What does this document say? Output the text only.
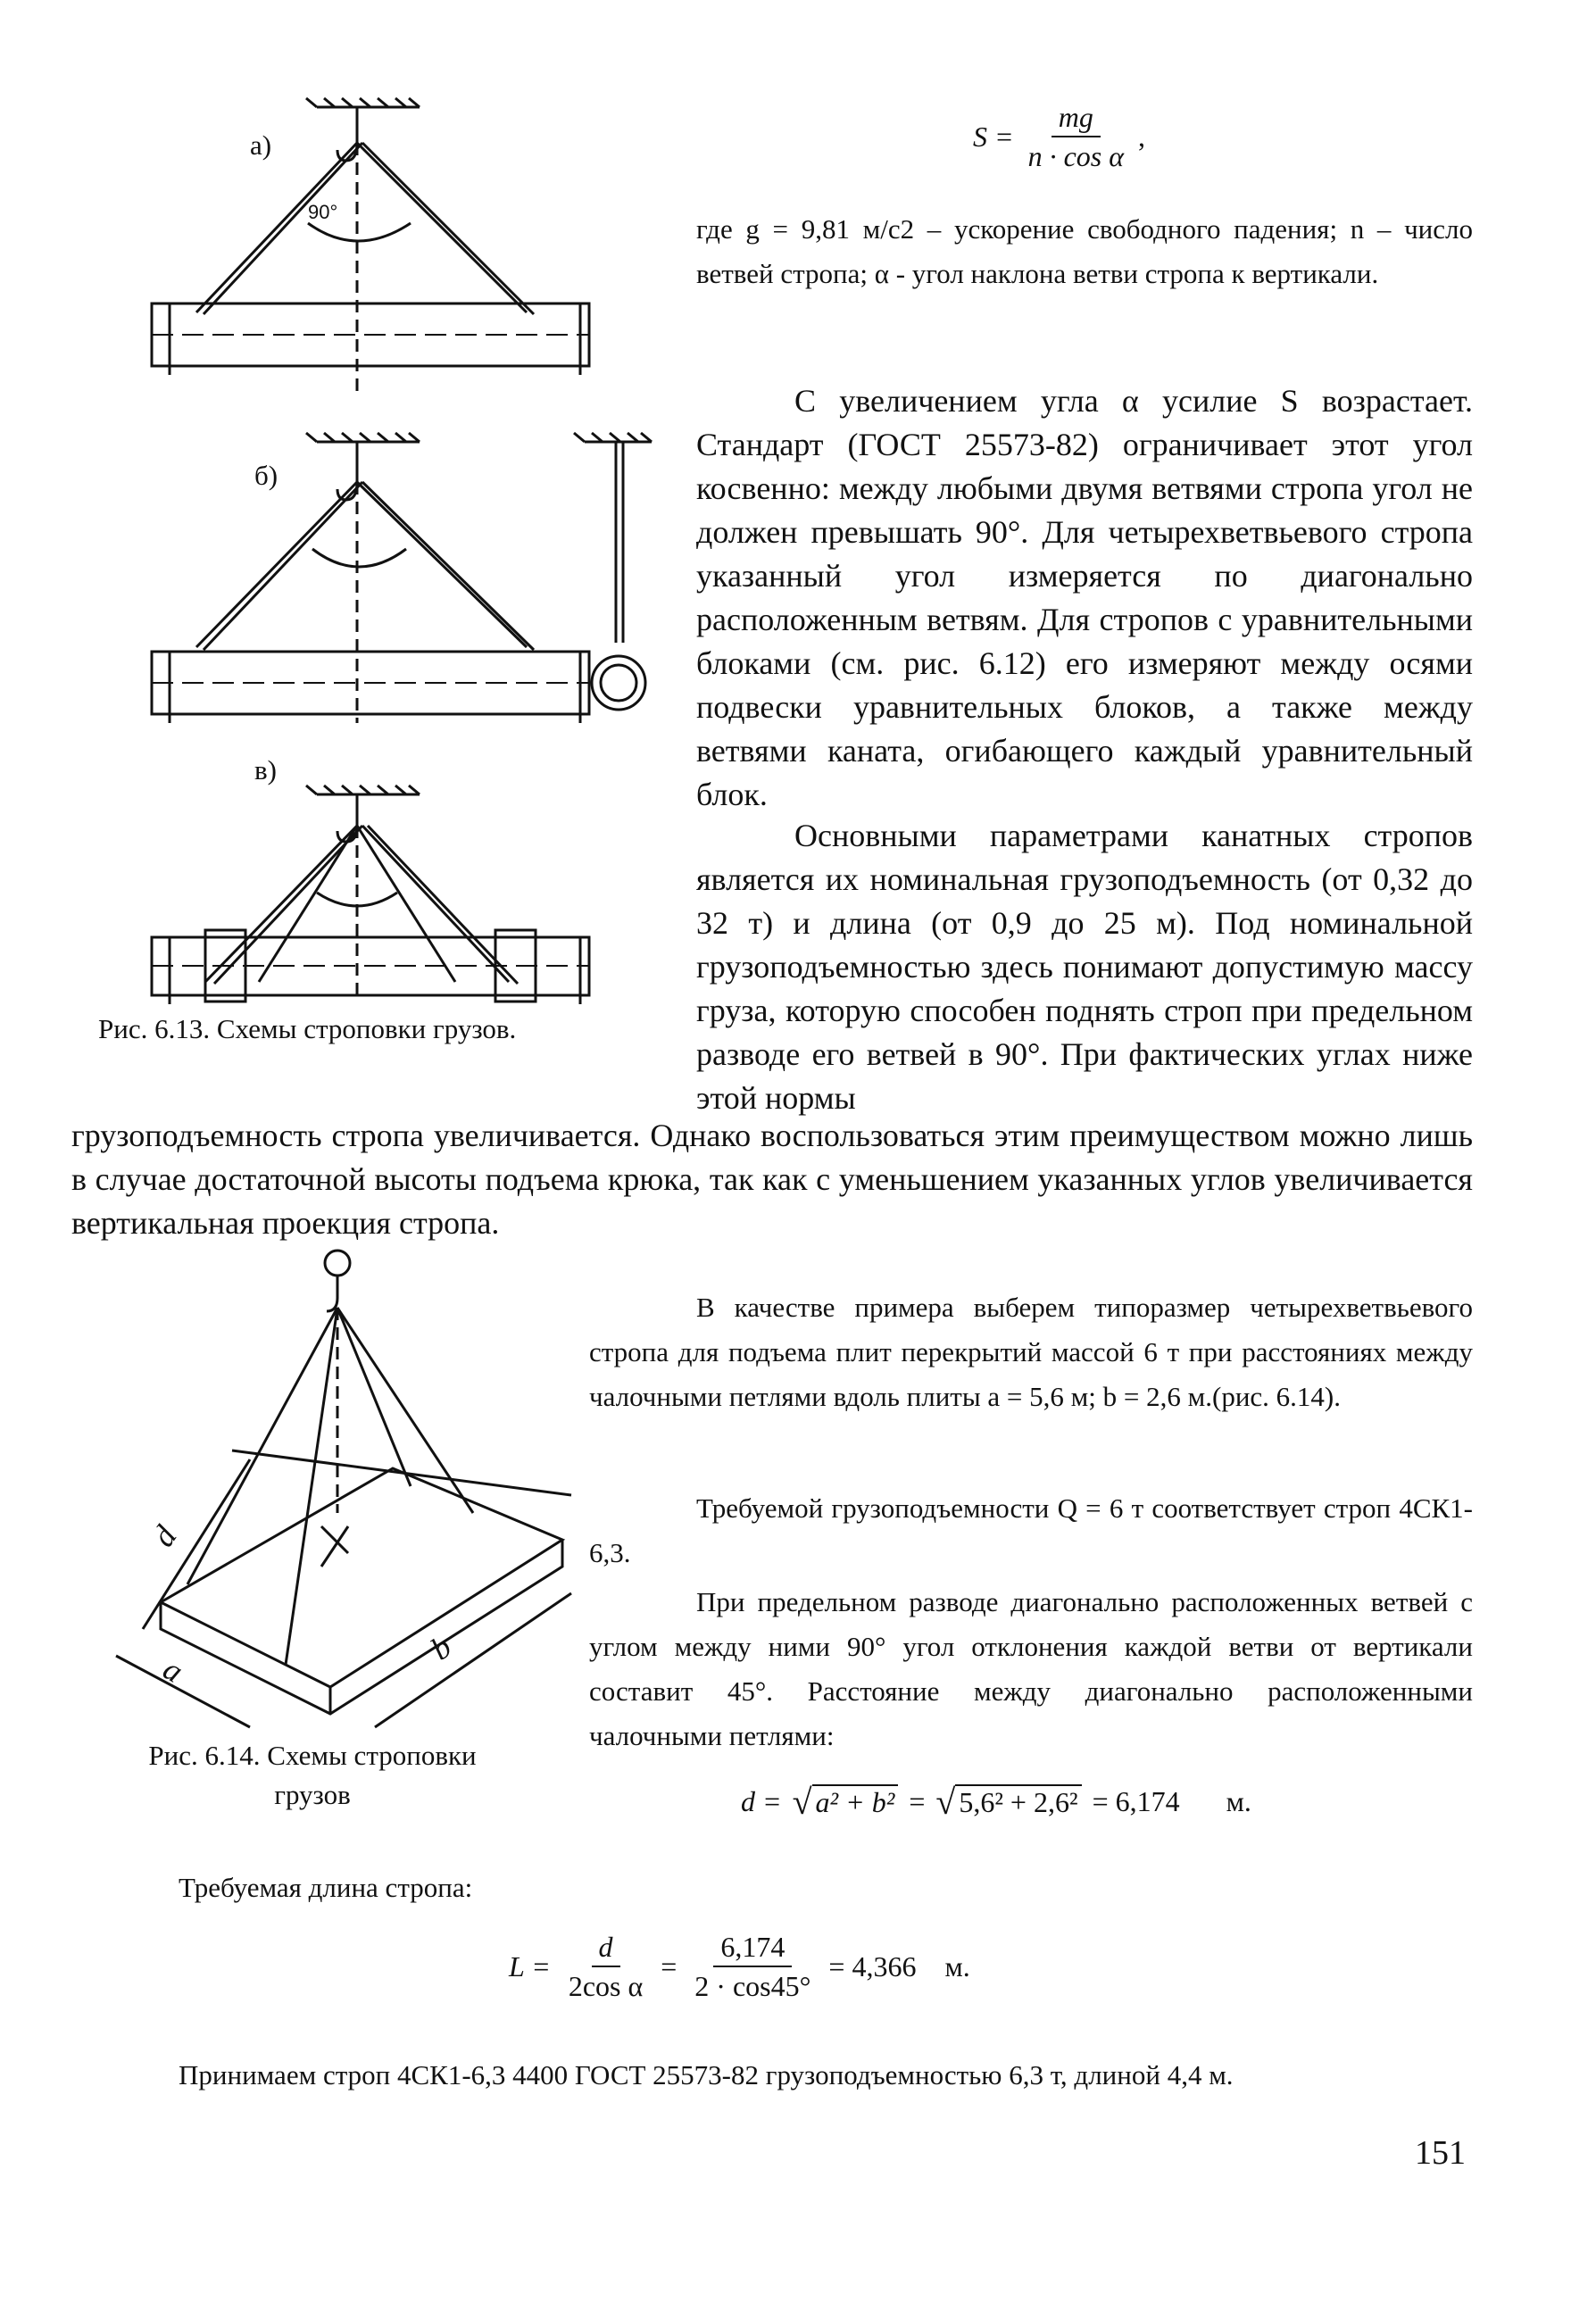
а)
б)
в)
90°
Рис. 6.13. Схемы строповки грузов.
$S = \frac{mg}{\text{n · cos α}}$ ,

где g = 9,81 м/с2 – ускорение свободного падения; n – число ветвей стропа; α - угол наклона ветви стропа к вертикали.

С увеличением угла α усилие S возрастает. Стандарт (ГОСТ 25573-82) ограничивает этот угол косвенно: между любыми двумя ветвями стропа угол не должен превышать 90°. Для четырехветвьевого стропа указанный угол измеряется по диагонально расположенным ветвям. Для стропов с уравнительными блоками (см. рис. 6.12) его измеряют между осями подвески уравнительных блоков, а также между ветвями каната, огибающего каждый уравнительный блок.

Основными параметрами канатных стропов является их номинальная грузоподъемность (от 0,32 до 32 т) и длина (от 0,9 до 25 м). Под номинальной грузоподъемностью здесь понимают допустимую массу груза, которую способен поднять строп при предельном разводе его ветвей в 90°. При фактических углах ниже этой нормы

грузоподъемность стропа увеличивается. Однако воспользоваться этим преимуществом можно лишь в случае достаточной высоты подъема крюка, так как с уменьшением указанных углов увеличивается вертикальная проекция стропа.

d
a
b
Рис. 6.14. Схемы строповки
грузов

В качестве примера выберем типоразмер четырехветвьевого стропа для подъема плит перекрытий массой 6 т при расстояниях между чалочными петлями вдоль плиты a = 5,6 м; b = 2,6 м.(рис. 6.14).

Требуемой грузоподъемности Q = 6 т соответствует строп 4СК1-6,3.

При предельном разводе диагонально расположенных ветвей с углом между ними 90° угол отклонения каждой ветви от вертикали составит 45°. Расстояние между диагонально расположенными чалочными петлями:

d = √ a² + b² = √ 5,6² + 2,6² = 6,174 м.
Требуемая длина стропа:
$L = \frac{d}{\text{2cos α}} = \frac{6,174}{2 \cdot \cos 45^\circ} = 4,366$ м.

Принимаем строп 4СК1-6,3 4400 ГОСТ 25573-82 грузоподъемностью 6,3 т, длиной 4,4 м.

151
